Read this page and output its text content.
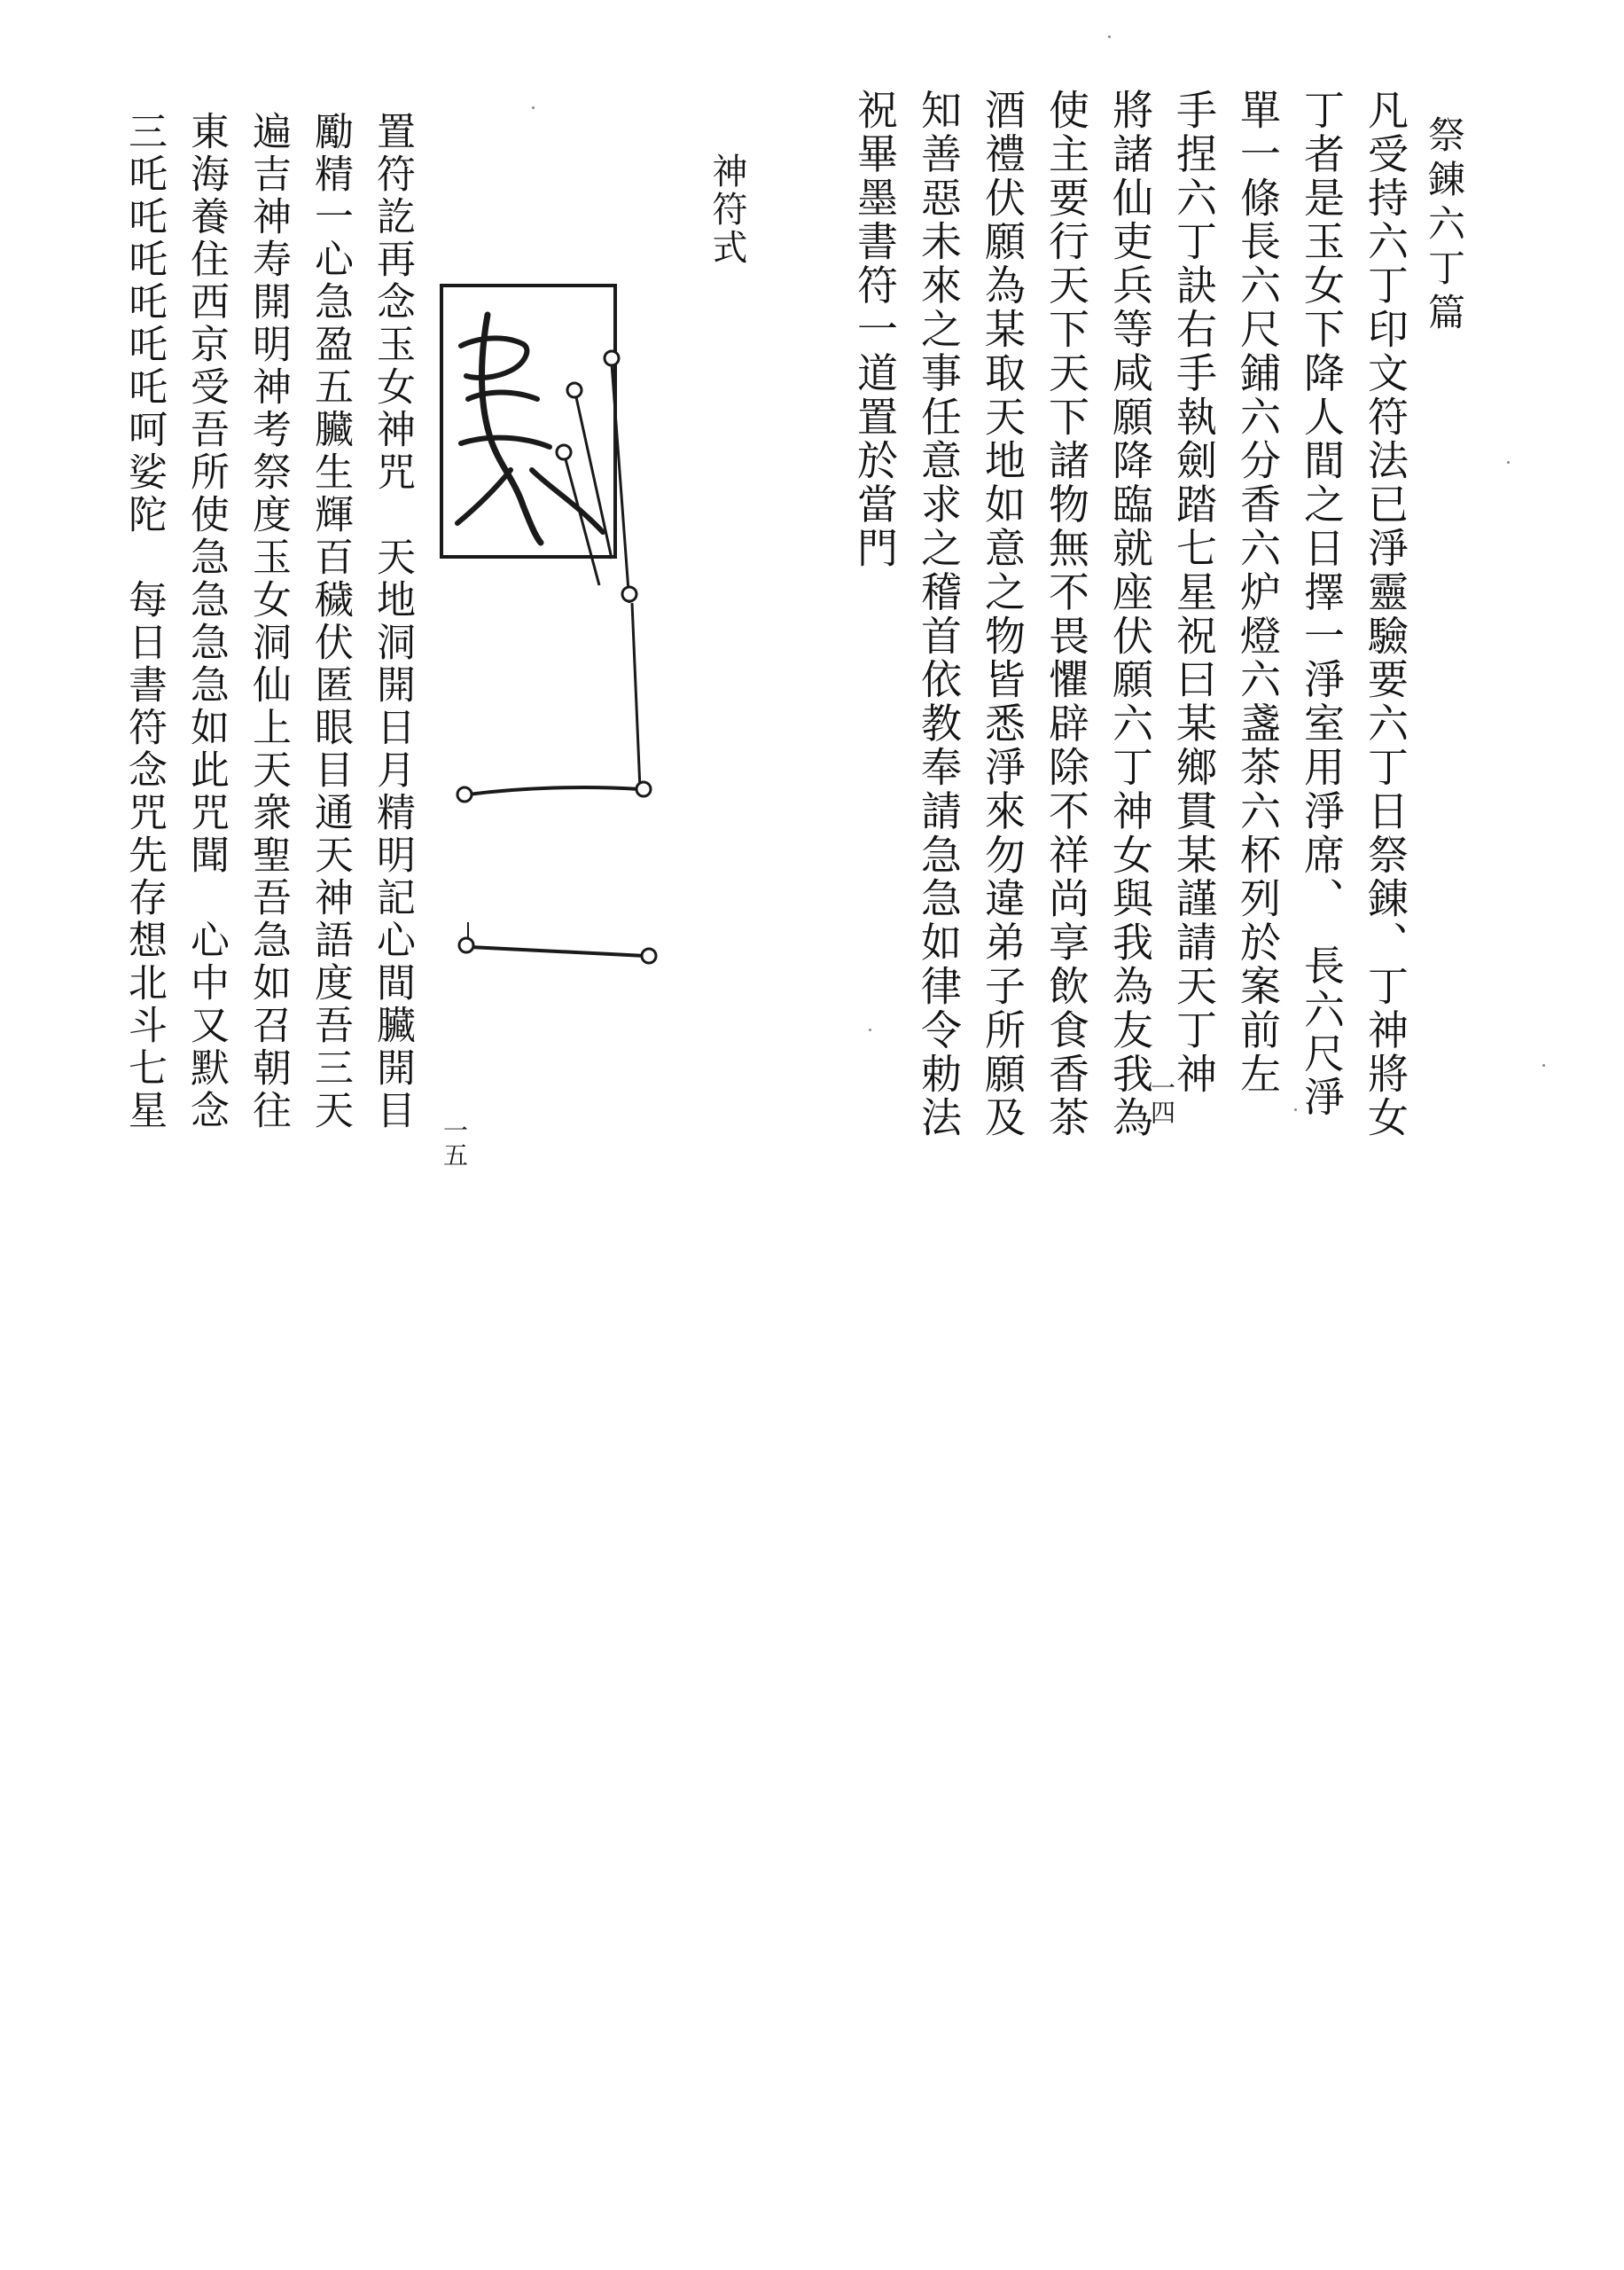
祭錬六丁篇
凡受持六丁印文符法已淨靈驗要六丁日祭錬、丁神將女
丁者是玉女下降人間之日擇一淨室用淨席、　長六尺淨
單一條長六尺鋪六分香六炉燈六盞茶六杯列於案前左
手捏六丁訣右手執劍踏七星祝曰某鄉貫某謹請天丁神
將諸仙吏兵等咸願降臨就座伏願六丁神女與我為友我為
使主要行天下天下諸物無不畏懼辟除不祥尚享飲食香茶
酒禮伏願為某取天地如意之物皆悉淨來勿違弟子所願及
知善惡未來之事任意求之稽首依教奉請急急如律令勅法
祝畢墨書符一道置於當門
一四
神符式
置符訖再念玉女神咒　天地洞開日月精明記心間臟開目
勵精一心急盈五臟生輝百穢伏匿眼目通天神語度吾三天
遍吉神寿開明神考祭度玉女洞仙上天衆聖吾急如召朝往
東海養住西京受吾所使急急急急如此咒聞　心中又默念
三吒吒吒吒吒吒呵娑陀　每日書符念咒先存想北斗七星
一五
